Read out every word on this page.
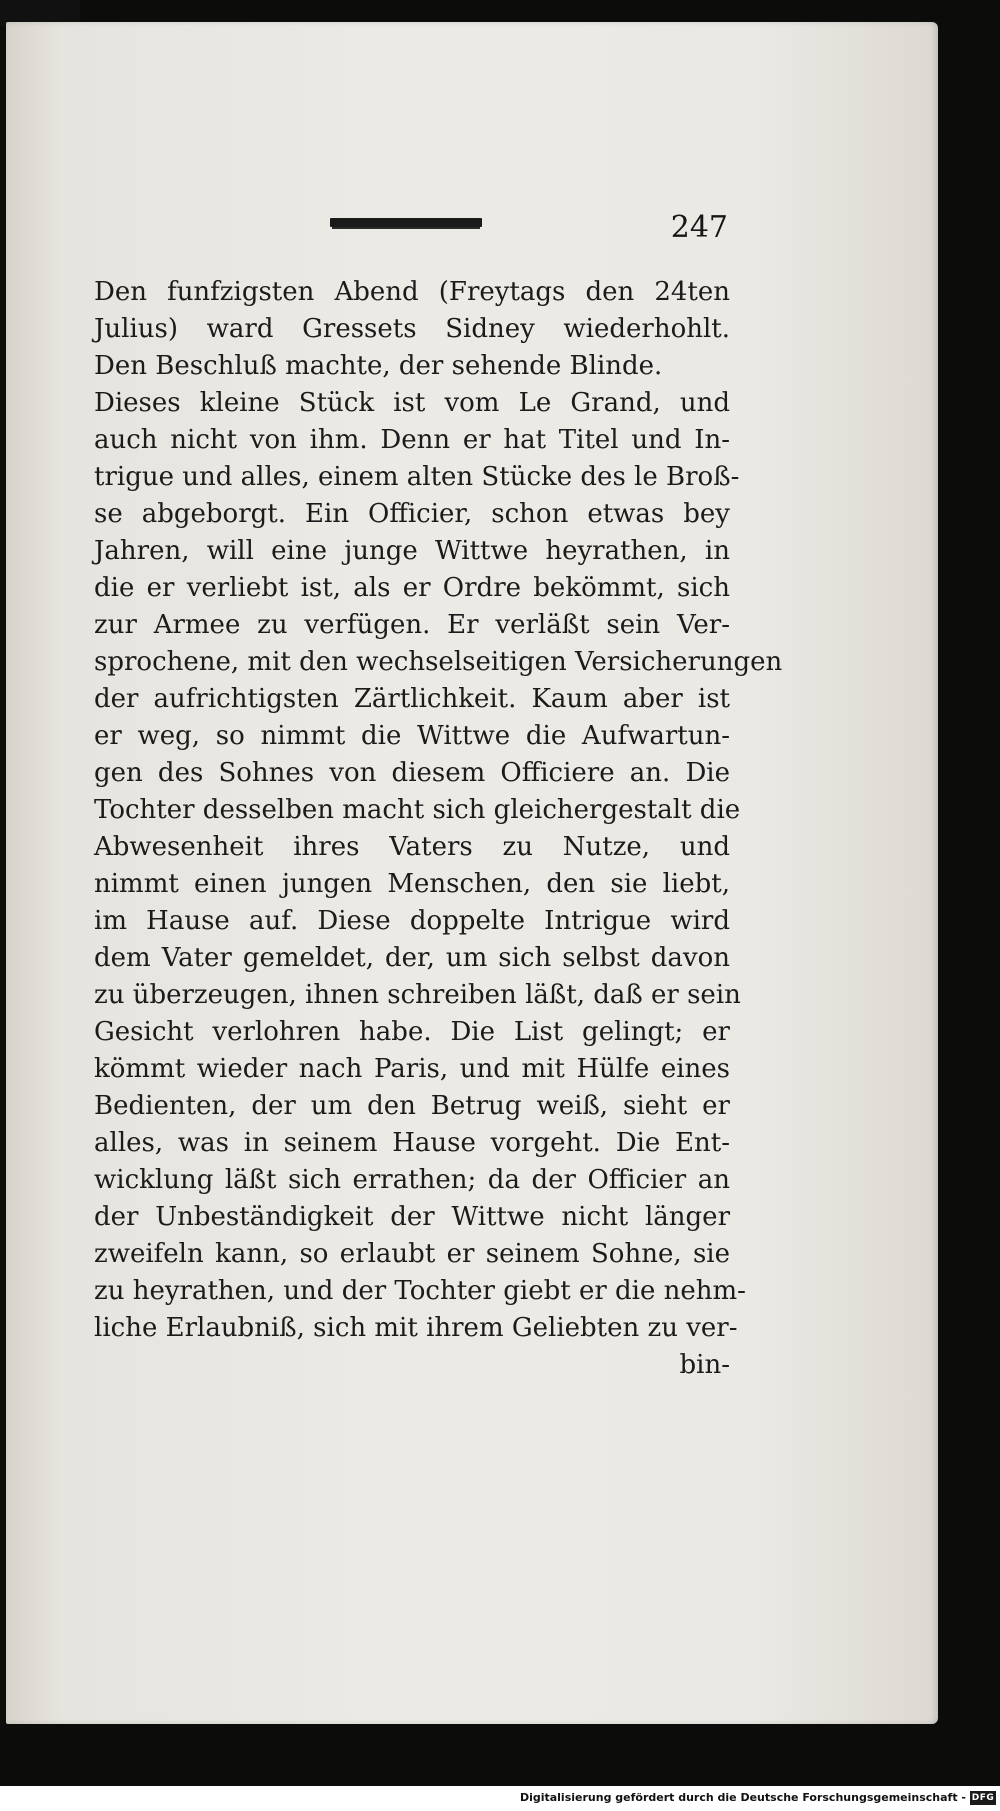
247
Den funfzigsten Abend (Freytags den 24ten
Julius) ward Gressets Sidney wiederhohlt.
Den Beschluß machte, der sehende Blinde.
Dieses kleine Stück ist vom Le Grand, und
auch nicht von ihm. Denn er hat Titel und In-
trigue und alles, einem alten Stücke des le Broß-
se abgeborgt. Ein Officier, schon etwas bey
Jahren, will eine junge Wittwe heyrathen, in
die er verliebt ist, als er Ordre bekömmt, sich
zur Armee zu verfügen. Er verläßt sein Ver-
sprochene, mit den wechselseitigen Versicherungen
der aufrichtigsten Zärtlichkeit. Kaum aber ist
er weg, so nimmt die Wittwe die Aufwartun-
gen des Sohnes von diesem Officiere an. Die
Tochter desselben macht sich gleichergestalt die
Abwesenheit ihres Vaters zu Nutze, und
nimmt einen jungen Menschen, den sie liebt,
im Hause auf. Diese doppelte Intrigue wird
dem Vater gemeldet, der, um sich selbst davon
zu überzeugen, ihnen schreiben läßt, daß er sein
Gesicht verlohren habe. Die List gelingt; er
kömmt wieder nach Paris, und mit Hülfe eines
Bedienten, der um den Betrug weiß, sieht er
alles, was in seinem Hause vorgeht. Die Ent-
wicklung läßt sich errathen; da der Officier an
der Unbeständigkeit der Wittwe nicht länger
zweifeln kann, so erlaubt er seinem Sohne, sie
zu heyrathen, und der Tochter giebt er die nehm-
liche Erlaubniß, sich mit ihrem Geliebten zu ver-
bin-
Digitalisierung gefördert durch die Deutsche Forschungsgemeinschaft - DFG
